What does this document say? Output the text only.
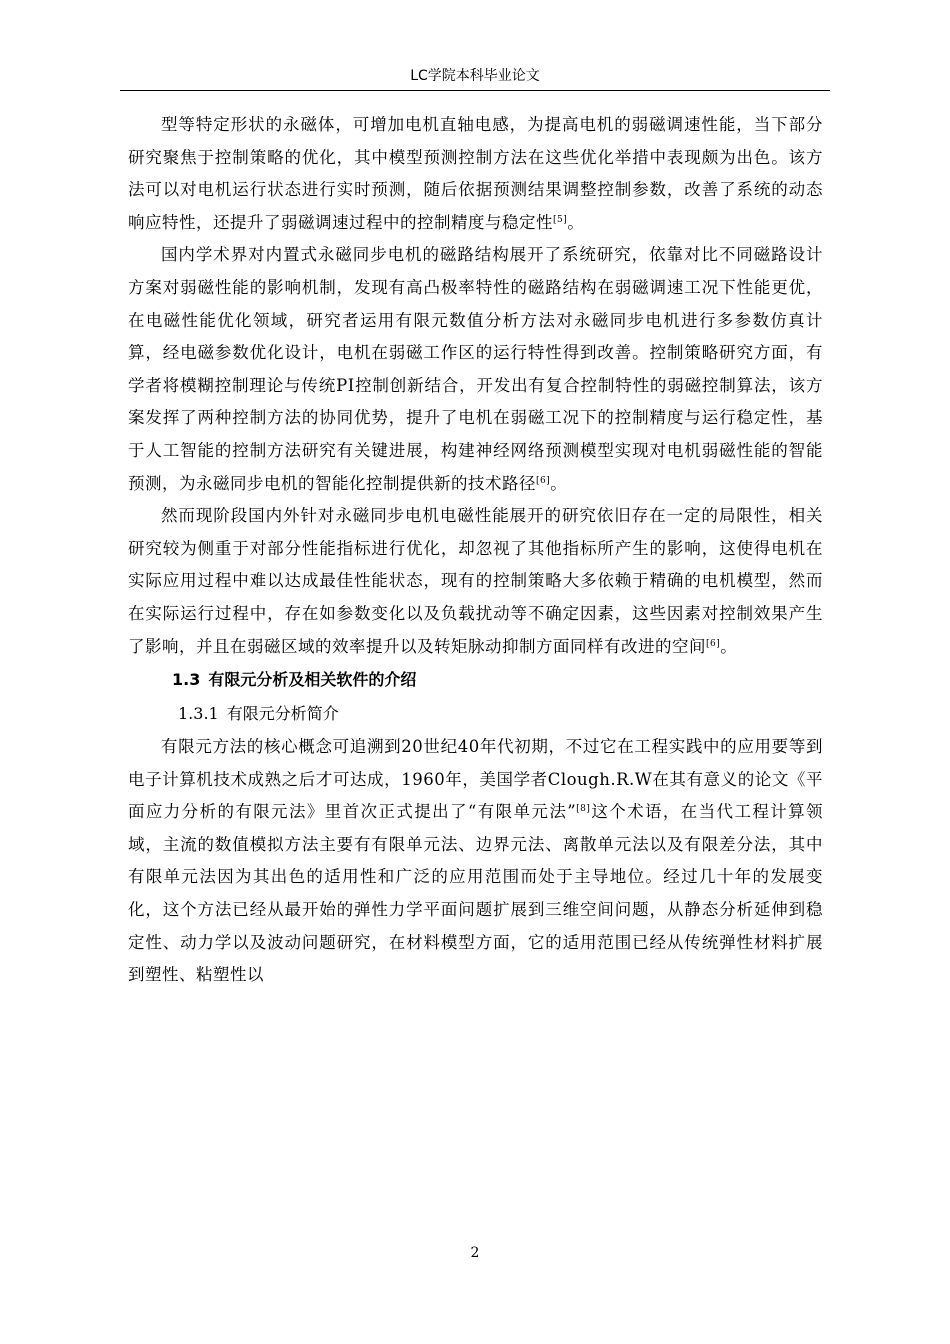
LC学院本科毕业论文

型等特定形状的永磁体，可增加电机直轴电感，为提高电机的弱磁调速性能，当下部分研究聚焦于控制策略的优化，其中模型预测控制方法在这些优化举措中表现颇为出色。该方法可以对电机运行状态进行实时预测，随后依据预测结果调整控制参数，改善了系统的动态响应特性，还提升了弱磁调速过程中的控制精度与稳定性[5]。

国内学术界对内置式永磁同步电机的磁路结构展开了系统研究，依靠对比不同磁路设计方案对弱磁性能的影响机制，发现有高凸极率特性的磁路结构在弱磁调速工况下性能更优，在电磁性能优化领域，研究者运用有限元数值分析方法对永磁同步电机进行多参数仿真计算，经电磁参数优化设计，电机在弱磁工作区的运行特性得到改善。控制策略研究方面，有学者将模糊控制理论与传统PI控制创新结合，开发出有复合控制特性的弱磁控制算法，该方案发挥了两种控制方法的协同优势，提升了电机在弱磁工况下的控制精度与运行稳定性，基于人工智能的控制方法研究有关键进展，构建神经网络预测模型实现对电机弱磁性能的智能预测，为永磁同步电机的智能化控制提供新的技术路径[6]。

然而现阶段国内外针对永磁同步电机电磁性能展开的研究依旧存在一定的局限性，相关研究较为侧重于对部分性能指标进行优化，却忽视了其他指标所产生的影响，这使得电机在实际应用过程中难以达成最佳性能状态，现有的控制策略大多依赖于精确的电机模型，然而在实际运行过程中，存在如参数变化以及负载扰动等不确定因素，这些因素对控制效果产生了影响，并且在弱磁区域的效率提升以及转矩脉动抑制方面同样有改进的空间[6]。

1.3 有限元分析及相关软件的介绍
1.3.1 有限元分析简介

有限元方法的核心概念可追溯到20世纪40年代初期，不过它在工程实践中的应用要等到电子计算机技术成熟之后才可达成，1960年，美国学者Clough.R.W在其有意义的论文《平面应力分析的有限元法》里首次正式提出了“有限单元法”[8]这个术语，在当代工程计算领域，主流的数值模拟方法主要有有限单元法、边界元法、离散单元法以及有限差分法，其中有限单元法因为其出色的适用性和广泛的应用范围而处于主导地位。经过几十年的发展变化，这个方法已经从最开始的弹性力学平面问题扩展到三维空间问题，从静态分析延伸到稳定性、动力学以及波动问题研究，在材料模型方面，它的适用范围已经从传统弹性材料扩展到塑性、粘塑性以

2
